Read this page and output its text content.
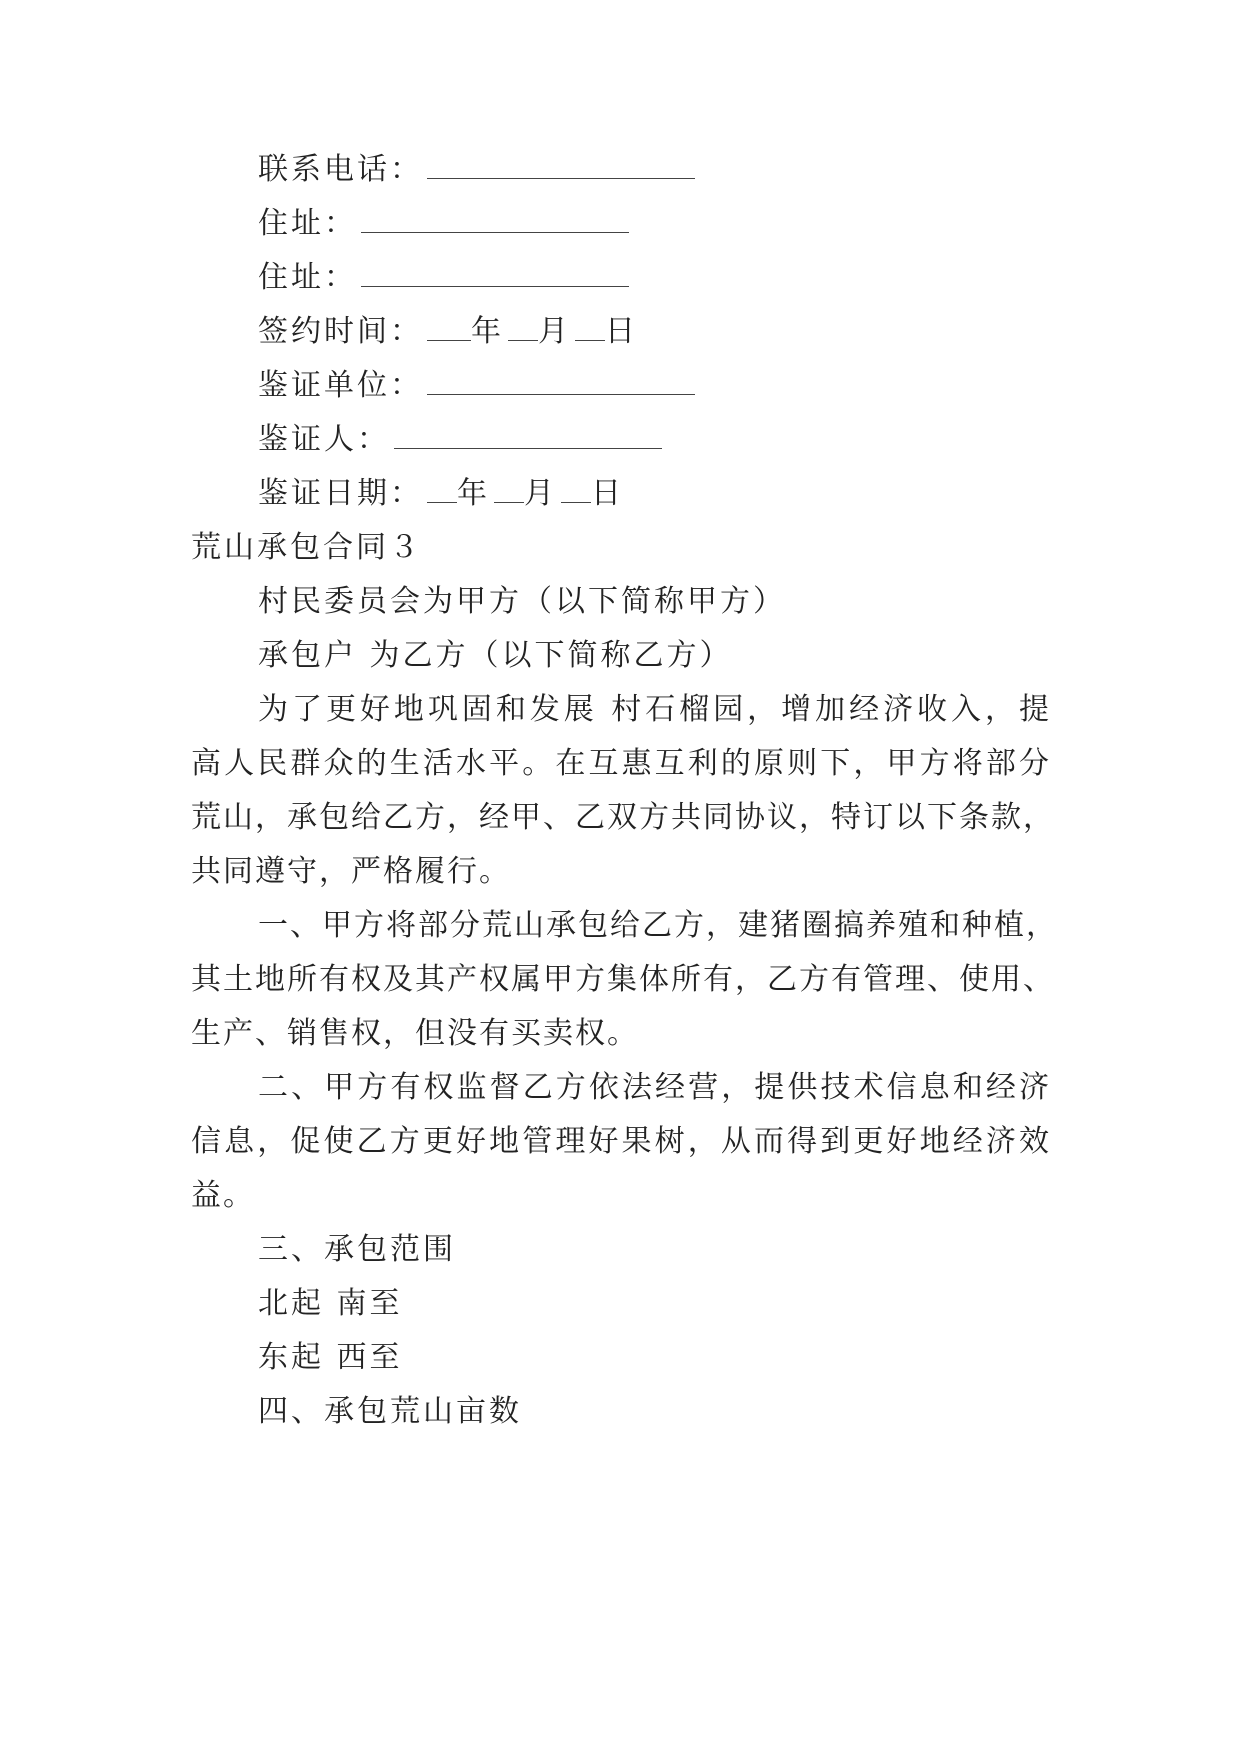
联系电话：
住址：
住址：
签约时间： 年 月 日
鉴证单位：
鉴证人：
鉴证日期： 年 月 日
荒山承包合同３
村民委员会为甲方（以下简称甲方）
承包户 为乙方（以下简称乙方）
为了更好地巩固和发展 村石榴园，增加经济收入，提
高人民群众的生活水平。在互惠互利的原则下，甲方将部分
荒山，承包给乙方，经甲、乙双方共同协议，特订以下条款，
共同遵守，严格履行。
一、甲方将部分荒山承包给乙方，建猪圈搞养殖和种植，
其土地所有权及其产权属甲方集体所有，乙方有管理、使用、
生产、销售权，但没有买卖权。
二、甲方有权监督乙方依法经营，提供技术信息和经济
信息，促使乙方更好地管理好果树，从而得到更好地经济效
益。
三、承包范围
北起 南至
东起 西至
四、承包荒山亩数
